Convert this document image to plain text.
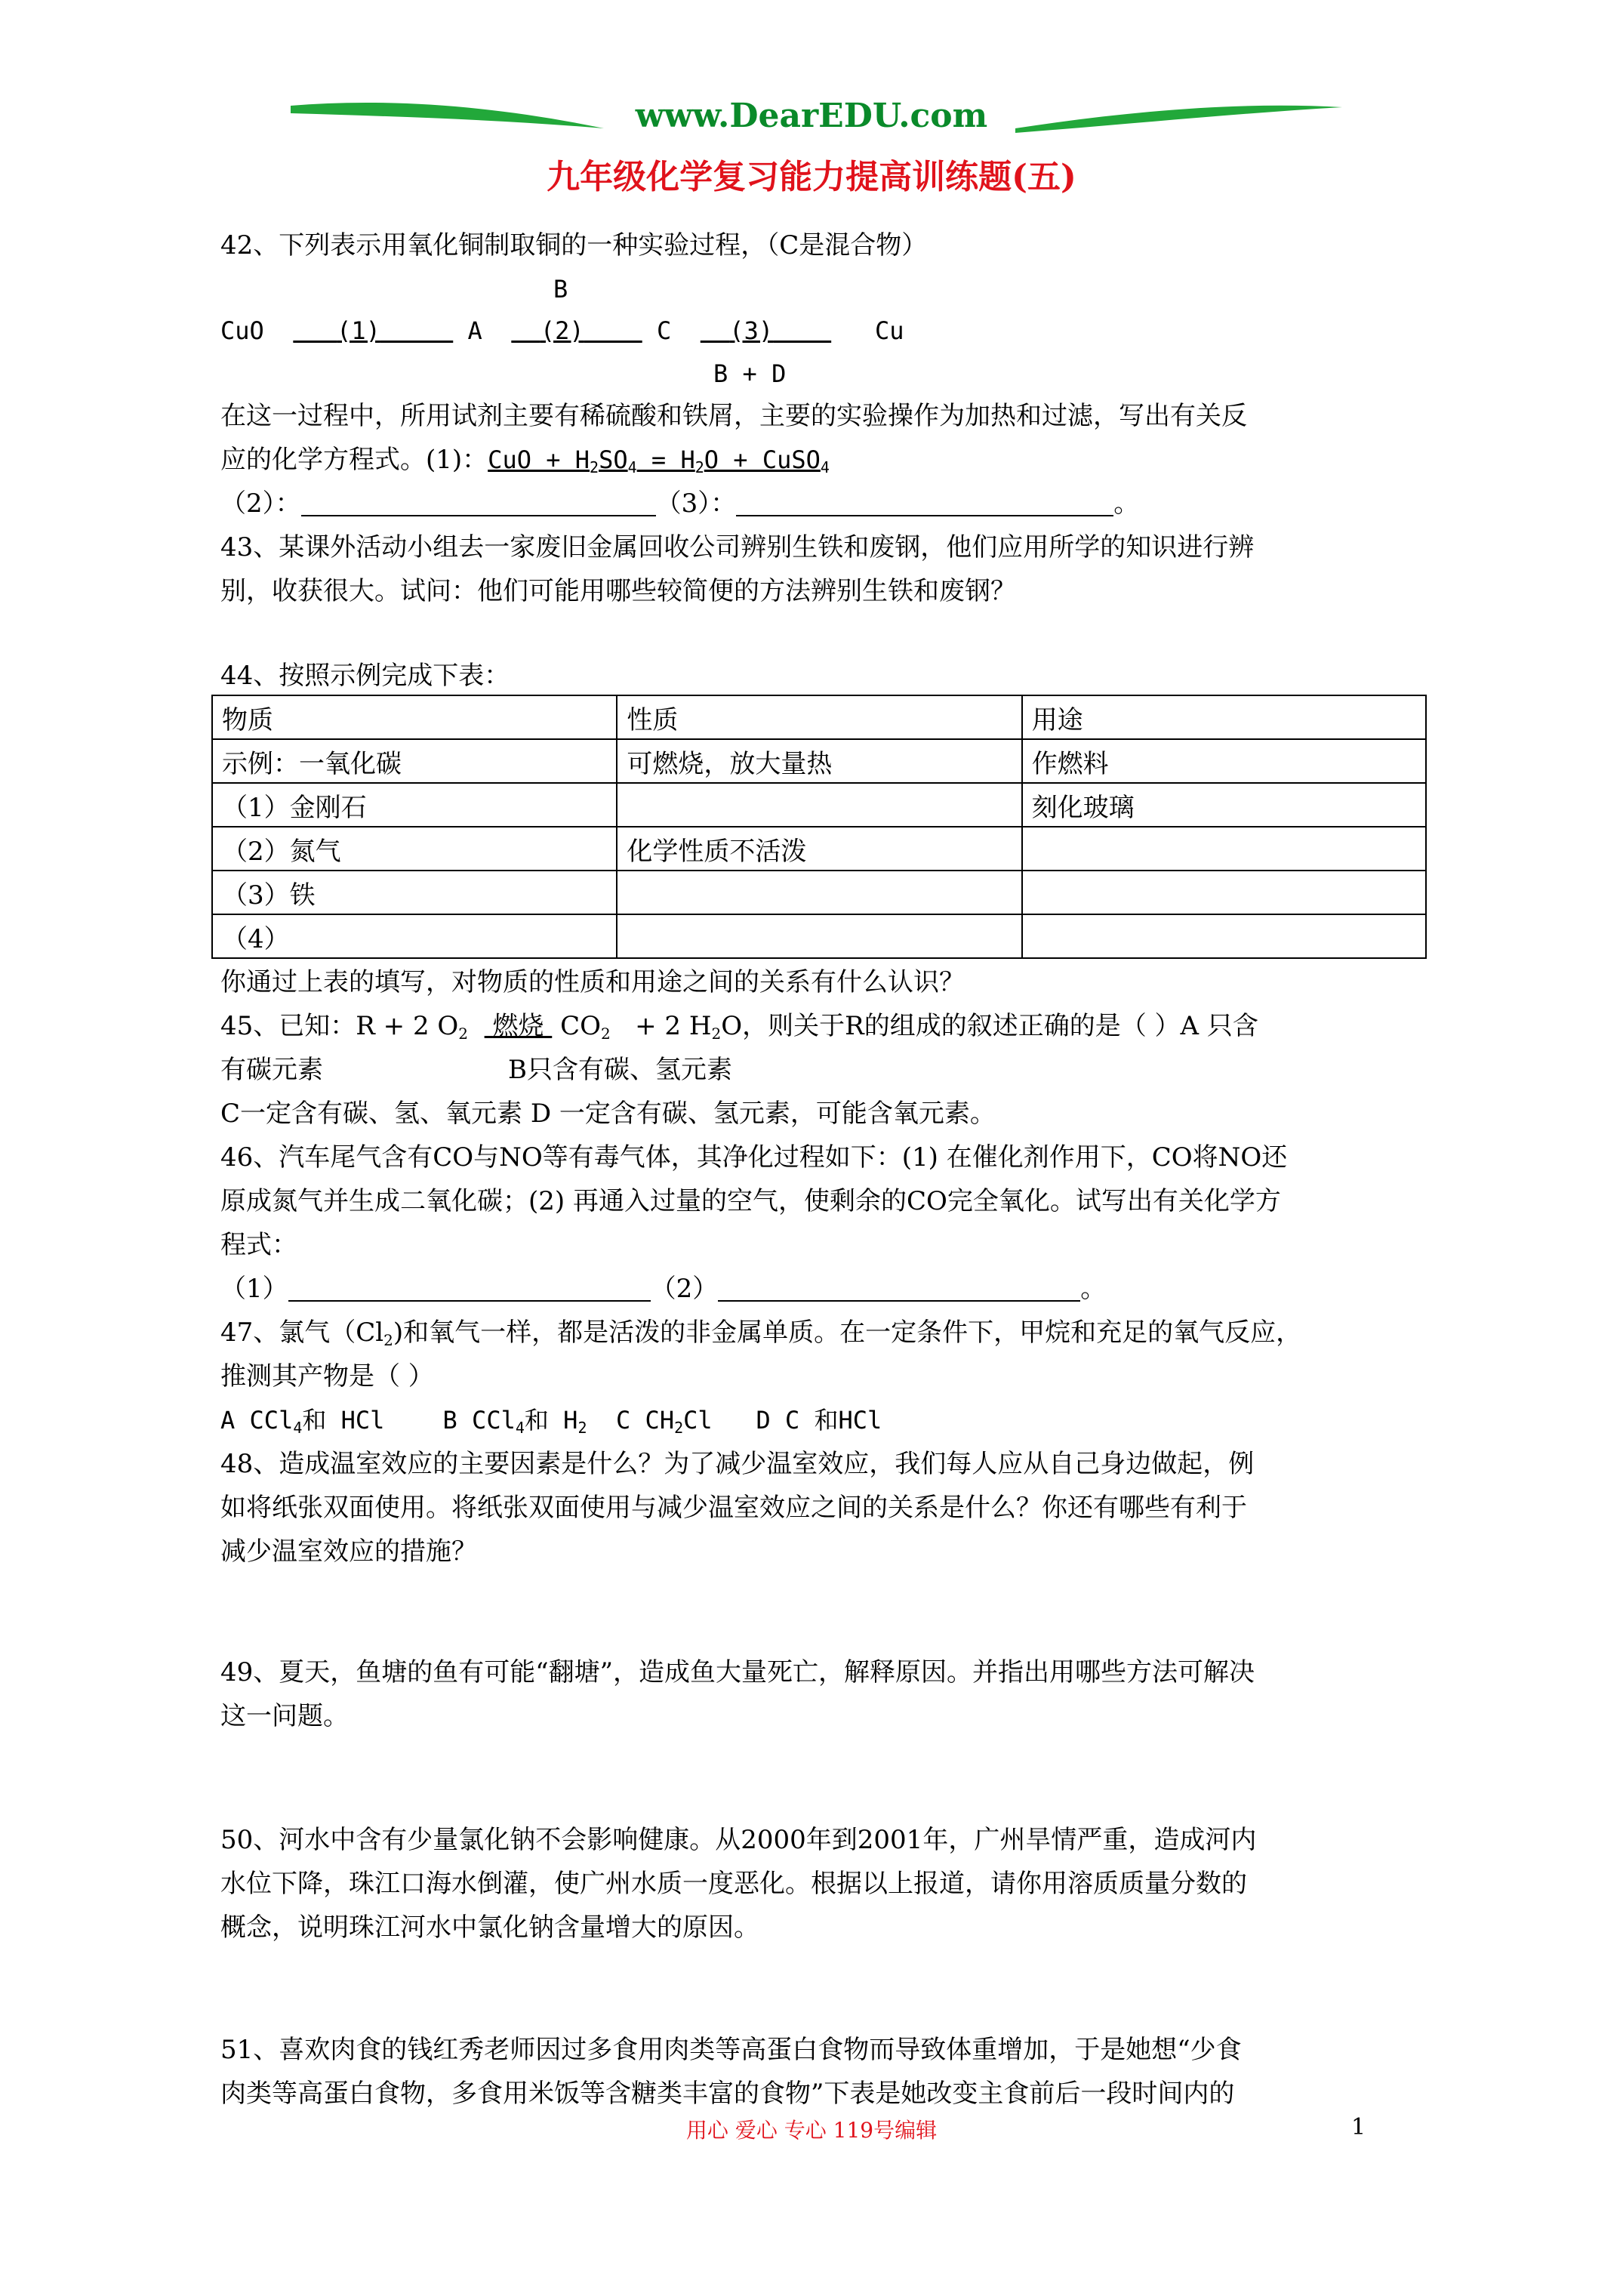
www.DearEDU.com
九年级化学复习能力提高训练题(五)
42、下列表示用氧化铜制取铜的一种实验过程，（C是混合物）
B
CuO	(1)	A (2)	C (3)	Cu
B + D
在这一过程中，所用试剂主要有稀硫酸和铁屑，主要的实验操作为加热和过滤，写出有关反
应的化学方程式。(1)：CuO + $H_2SO_4 = H_2O$ + CuSO$_4$
（2）：	（3）：	。
43、某课外活动小组去一家废旧金属回收公司辨别生铁和废钢，他们应用所学的知识进行辨
别，收获很大。试问：他们可能用哪些较简便的方法辨别生铁和废钢？
44、按照示例完成下表：
物质	性质	用途
示例：一氧化碳	可燃烧，放大量热	作燃料
（1）金刚石		刻化玻璃
（2）氮气	化学性质不活泼	
（3）铁		
（4）		
你通过上表的填写，对物质的性质和用途之间的关系有什么认识？
45、已知：R + 2 $O_2$ 燃烧 $CO_2 + 2$ $H_2O$，则关于R的组成的叙述正确的是（ ）A 只含
有碳元素	B只含有碳、氢元素
C一定含有碳、氢、氧元素 D 一定含有碳、氢元素，可能含氧元素。
46、汽车尾气含有CO与NO等有毒气体，其净化过程如下：(1) 在催化剂作用下，CO将NO还
原成氮气并生成二氧化碳；(2) 再通入过量的空气，使剩余的CO完全氧化。试写出有关化学方
程式：
（1）	（2）	。
47、氯气$(Cl_2)$和氧气一样，都是活泼的非金属单质。在一定条件下，甲烷和充足的氧气反应，
推测其产物是（ ）
A CCl$_4$和 HCl B CCl$_4$和 $H_2$ C $CH_2Cl$ D C 和HCl
48、造成温室效应的主要因素是什么？为了减少温室效应，我们每人应从自己身边做起，例
如将纸张双面使用。将纸张双面使用与减少温室效应之间的关系是什么？你还有哪些有利于
减少温室效应的措施？
49、夏天，鱼塘的鱼有可能“翻塘”，造成鱼大量死亡，解释原因。并指出用哪些方法可解决
这一问题。
50、河水中含有少量氯化钠不会影响健康。从2000年到2001年，广州旱情严重，造成河内
水位下降，珠江口海水倒灌，使广州水质一度恶化。根据以上报道，请你用溶质质量分数的
概念，说明珠江河水中氯化钠含量增大的原因。
51、喜欢肉食的钱红秀老师因过多食用肉类等高蛋白食物而导致体重增加，于是她想“少食
肉类等高蛋白食物，多食用米饭等含糖类丰富的食物”下表是她改变主食前后一段时间内的
用心 爱心 专心 119号编辑	1
